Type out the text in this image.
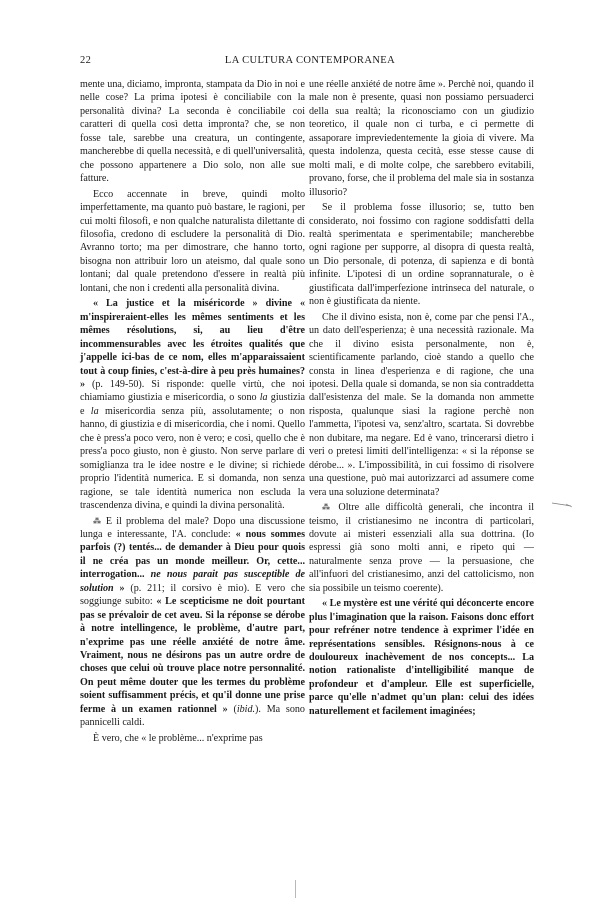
22	LA CULTURA CONTEMPORANEA

mente una, diciamo, impronta, stampata da Dio in noi e nelle cose? La prima ipotesi è conciliabile con la personalità divina? La seconda è conciliabile coi caratteri di quella così detta impronta? che, se non fosse tale, sarebbe una creatura, un contingente, mancherebbe di quella necessità, e di quell'universalità, che possono appartenere a Dio solo, non alle sue fatture.

Ecco accennate in breve, quindi molto imperfettamente, ma quanto può bastare, le ragioni, per cui molti filosofi, e non qualche naturalista dilettante di filosofia, credono di escludere la personalità di Dio. Avranno torto; ma per dimostrare, che hanno torto, bisogna non attribuir loro un ateismo, dal quale sono lontani; dal quale pretendono d'essere in realtà più lontani, che non i credenti alla personalità divina.

« La justice et la miséricorde » divine « m'inspireraient-elles les mêmes sentiments et les mêmes résolutions, si, au lieu d'être incommensurables avec les étroites qualités que j'appelle ici-bas de ce nom, elles m'apparaissaient tout à coup finies, c'est-à-dire à peu près humaines? » (p. 149-50). Si risponde: quelle virtù, che noi chiamiamo giustizia e misericordia, o sono la giustizia e la misericordia senza più, assolutamente; o non hanno, di giustizia e di misericordia, che i nomi. Quello che è press'a poco vero, non è vero; e così, quello che è press'a poco giusto, non è giusto. Non serve parlare di somiglianza tra le idee nostre e le divine; si richiede proprio l'identità numerica. E si domanda, non senza ragione, se tale identità numerica non escluda la trascendenza divina, e quindi la divina personalità.

⁂ E il problema del male? Dopo una discussione lunga e interessante, l'A. conclude: « nous sommes parfois (?) tentés... de demander à Dieu pour quois il ne créa pas un monde meilleur. Or, cette... interrogation... ne nous parait pas susceptible de solution » (p. 211; il corsivo è mio). E vero che soggiunge subito: « Le scepticisme ne doit pourtant pas se prévaloir de cet aveu. Si la réponse se dérobe à notre intellingence, le problème, d'autre part, n'exprime pas une réelle anxiété de notre âme. Vraiment, nous ne désirons pas un autre ordre de choses que celui où trouve place notre personnalité. On peut même douter que les termes du problème soient suffisamment précis, et qu'il donne une prise ferme à un examen rationnel » (ibid.). Ma sono pannicelli caldi.

È vero, che « le problème... n'exprime pas

une réelle anxiété de notre âme ». Perchè noi, quando il male non è presente, quasi non possiamo persuaderci della sua realtà; la riconosciamo con un giudizio teoretico, il quale non ci turba, e ci permette di assaporare impreviedentemente la gioia di vivere. Ma questa indolenza, questa cecità, esse stesse cause di molti mali, e di molte colpe, che sarebbero evitabili, provano, forse, che il problema del male sia in sostanza illusorio?

Se il problema fosse illusorio; se, tutto ben considerato, noi fossimo con ragione soddisfatti della realtà sperimentata e sperimentabile; mancherebbe ogni ragione per supporre, al disopra di questa realtà, un Dio personale, di potenza, di sapienza e di bontà infinite. L'ipotesi di un ordine soprannaturale, o è giustificata dall'imperfezione intrinseca del naturale, o non è giustificata da niente.

Che il divino esista, non è, come par che pensi l'A., un dato dell'esperienza; è una necessità razionale. Ma che il divino esista personalmente, non è, scientificamente parlando, cioè stando a quello che consta in linea d'esperienza e di ragione, che una ipotesi. Della quale si domanda, se non sia contraddetta dall'esistenza del male. Se la domanda non ammette risposta, qualunque siasi la ragione perchè non l'ammetta, l'ipotesi va, senz'altro, scartata. Si dovrebbe non dubitare, ma negare. Ed è vano, trincerarsi dietro i veri o pretesi limiti dell'intelligenza: « si la réponse se dérobe... ». L'impossibilità, in cui fossimo di risolvere una questione, può mai autorizzarci ad assumere come vera una soluzione determinata?

⁂ Oltre alle difficoltà generali, che incontra il teismo, il cristianesimo ne incontra di particolari, dovute ai misteri essenziali alla sua dottrina. (Io espressi già sono molti anni, e ripeto qui — naturalmente senza prove — la persuasione, che all'infuori del cristianesimo, anzi del cattolicismo, non sia possibile un teismo coerente).

« Le mystère est une vérité qui déconcerte encore plus l'imagination que la raison. Faisons donc effort pour refréner notre tendence à exprimer l'idée en représentations sensibles. Résignons-nous à ce douloureux inachèvement de nos concepts... La notion rationaliste d'intelligibilité manque de profondeur et d'ampleur. Elle est superficielle, parce qu'elle n'admet qu'un plan: celui des idées naturellement et facilement imaginées;
